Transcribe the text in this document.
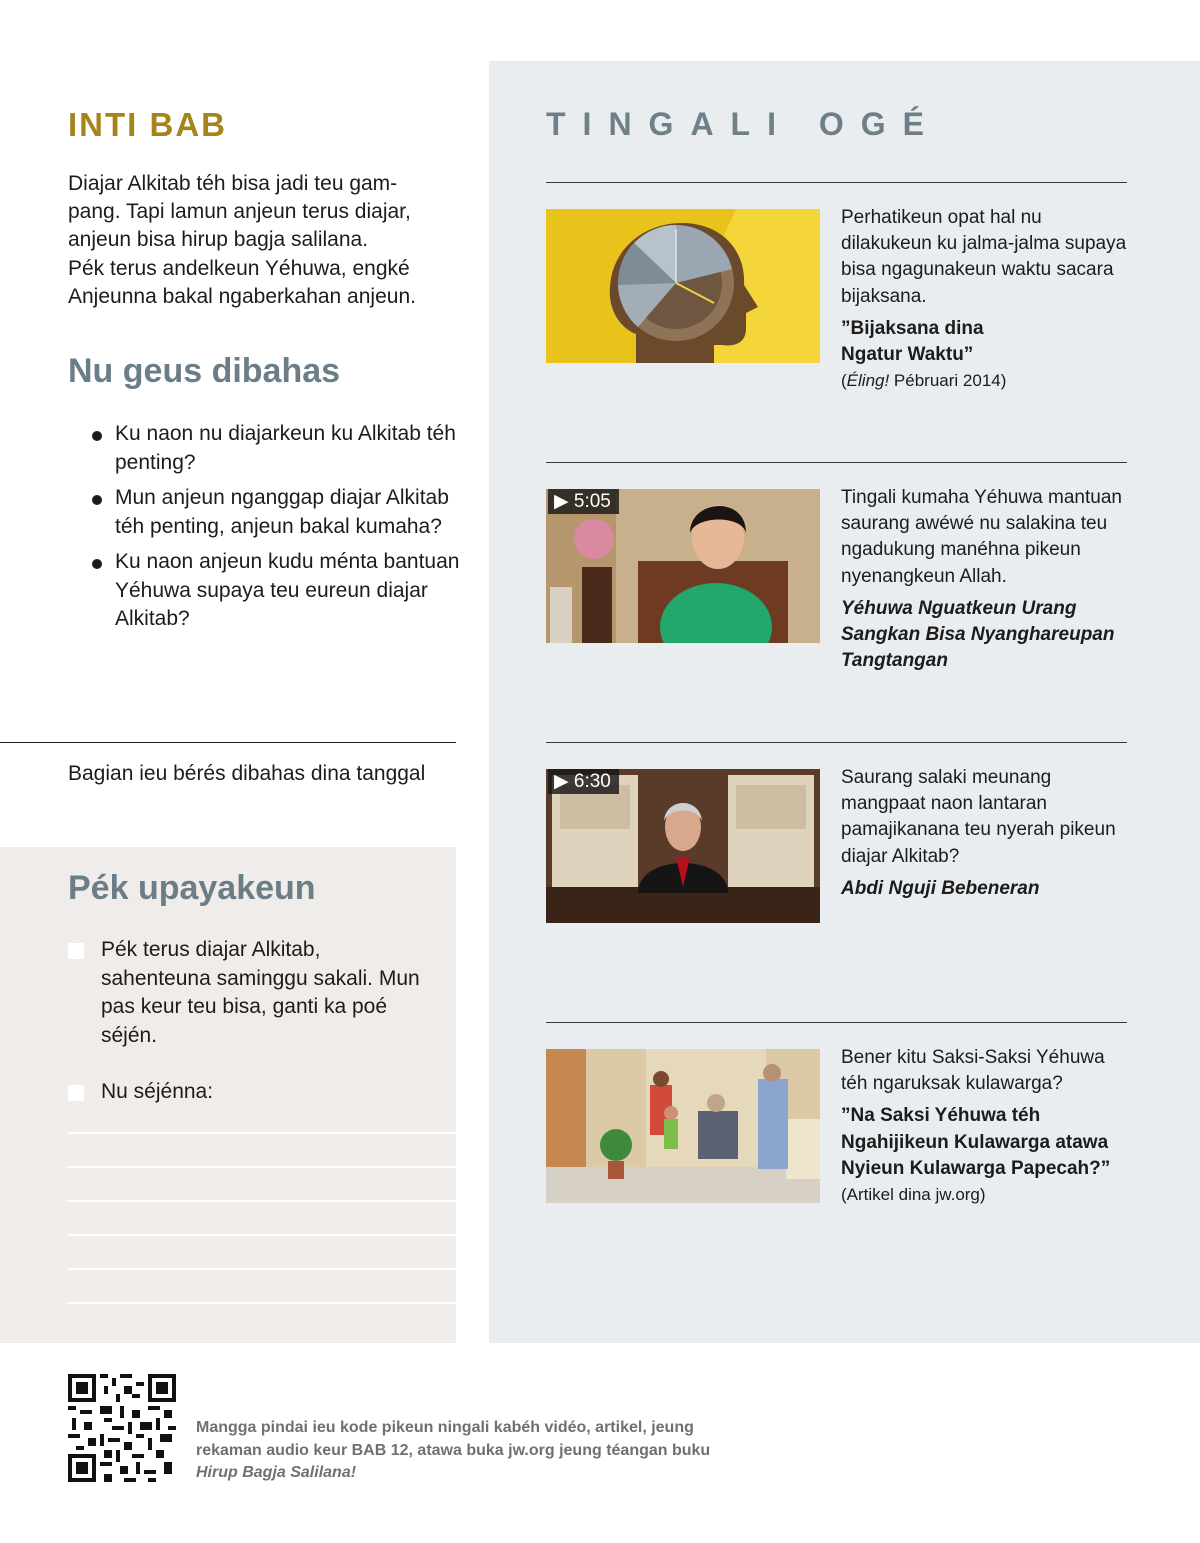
INTI BAB
Diajar Alkitab téh bisa jadi teu gam-
pang. Tapi lamun anjeun terus diajar,
anjeun bisa hirup bagja salilana.
Pék terus andelkeun Yéhuwa, engké
Anjeunna bakal ngaberkahan anjeun.
Nu geus dibahas
Ku naon nu diajarkeun ku Alkitab téh penting?
Mun anjeun nganggap diajar Alkitab téh penting, anjeun bakal kumaha?
Ku naon anjeun kudu ménta bantuan Yéhuwa supaya teu eureun diajar Alkitab?
Bagian ieu bérés dibahas dina tanggal
Pék upayakeun
Pék terus diajar Alkitab, sahenteuna saminggu sakali. Mun pas keur teu bisa, ganti ka poé séjén.
Nu séjénna:
TINGALI OGÉ
Perhatikeun opat hal nu dilakukeun ku jalma-jalma supaya bisa ngagunakeun waktu sacara bijaksana.
”Bijaksana dina
Ngatur Waktu”
(Éling! Pébruari 2014)
▶ 5:05	Tingali kumaha Yéhuwa mantuan saurang awéwé nu salakina teu ngadukung manéhna pikeun nyenangkeun Allah.
Yéhuwa Nguatkeun Urang Sangkan Bisa Nyanghareupan Tangtangan
▶ 6:30	Saurang salaki meunang mangpaat naon lantaran pamajikanana teu nyerah pikeun diajar Alkitab?
Abdi Nguji Bebeneran
Bener kitu Saksi-Saksi Yéhuwa téh ngaruksak kulawarga?
”Na Saksi Yéhuwa téh Ngahijikeun Kulawarga atawa Nyieun Kulawarga Papecah?”
(Artikel dina jw.org)
Mangga pindai ieu kode pikeun ningali kabéh vidéo, artikel, jeung rekaman audio keur BAB 12, atawa buka jw.org jeung téangan buku Hirup Bagja Salilana!
